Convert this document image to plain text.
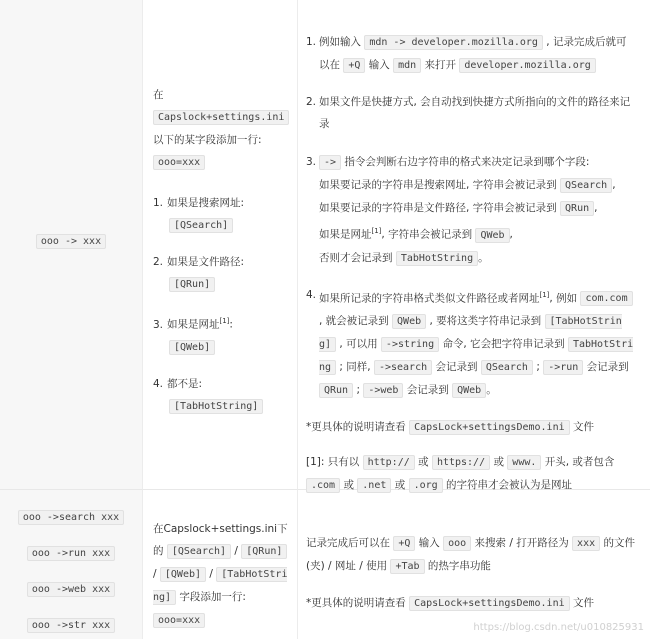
ooo -> xxx

在 Capslock+settings.ini 以下的某字段添加一行:

ooo=xxx

1. 如果是搜索网址:
[QSearch]
2. 如果是文件路径:
[QRun]
3. 如果是网址[1]:
[QWeb]
4. 都不是:
[TabHotString]
1. 例如输入 mdn -> developer.mozilla.org , 记录完成后就可以在 +Q 输入 mdn 来打开 developer.mozilla.org
2. 如果文件是快捷方式, 会自动找到快捷方式所指向的文件的路径来记录
3. -> 指令会判断右边字符串的格式来决定记录到哪个字段:
如果要记录的字符串是搜索网址, 字符串会被记录到 QSearch ,
如果要记录的字符串是文件路径, 字符串会被记录到 QRun ,
如果是网址[1], 字符串会被记录到 QWeb ,
否则才会记录到 TabHotString 。
4. 如果所记录的字符串格式类似文件路径或者网址[1], 例如 com.com , 就会被记录到 QWeb , 要将这类字符串记录到 [TabHotString] , 可以用 ->string 命令, 它会把字符串记录到 TabHotString ; 同样, ->search 会记录到 QSearch ; ->run 会记录到 QRun ; ->web 会记录到 QWeb 。

*更具体的说明请查看 CapsLock+settingsDemo.ini 文件

[1]: 只有以 http:// 或 https:// 或 www. 开头, 或者包含 .com 或 .net 或 .org 的字符串才会被认为是网址

ooo ->search xxx
ooo ->run xxx
ooo ->web xxx
ooo ->str xxx
在Capslock+settings.ini下的 [QSearch] / [QRun] / [QWeb] / [TabHotString] 字段添加一行:
ooo=xxx

记录完成后可以在 +Q 输入 ooo 来搜索 / 打开路径为 xxx 的文件 (夹) / 网址 / 使用 +Tab 的热字串功能

*更具体的说明请查看 CapsLock+settingsDemo.ini 文件

https://blog.csdn.net/u010825931
